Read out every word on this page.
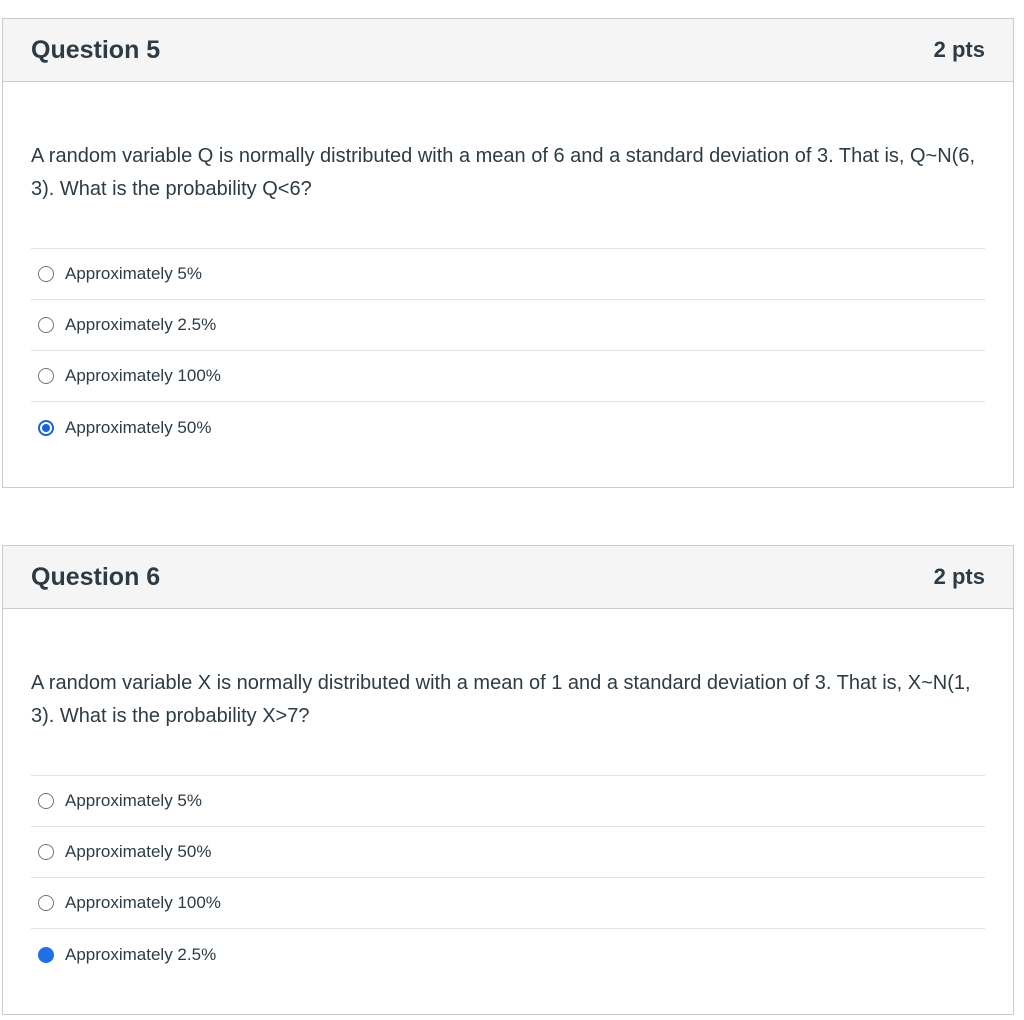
Question 5	2 pts
A random variable Q is normally distributed with a mean of 6 and a standard deviation of 3. That is, Q~N(6, 3). What is the probability Q<6?
Approximately 5%
Approximately 2.5%
Approximately 100%
Approximately 50%
Question 6	2 pts
A random variable X is normally distributed with a mean of 1 and a standard deviation of 3. That is, X~N(1, 3). What is the probability X>7?
Approximately 5%
Approximately 50%
Approximately 100%
Approximately 2.5%
